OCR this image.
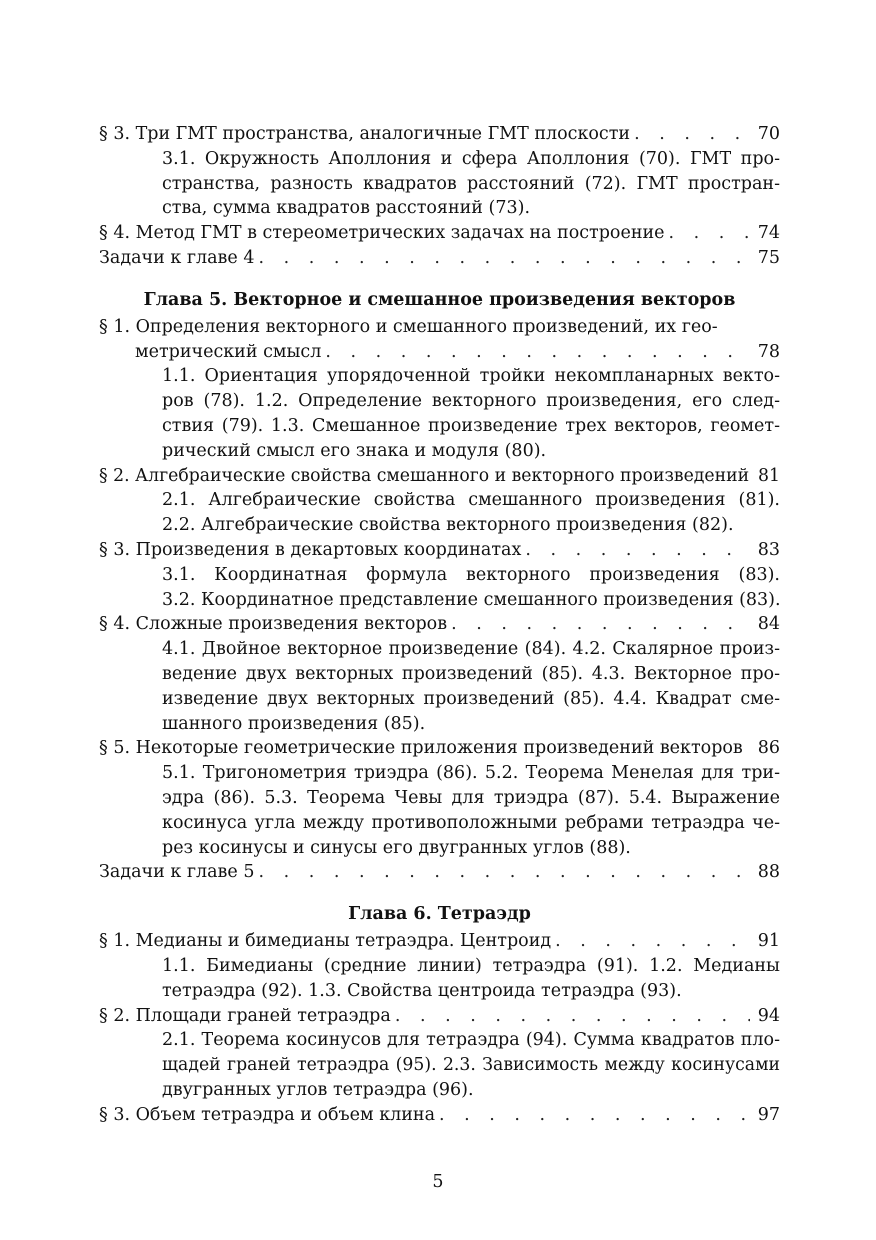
§ 3. Три ГМТ пространства, аналогичные ГМТ плоскости . . .	70
3.1. Окружность Аполлония и сфера Аполлония (70). ГМТ про-
странства, разность квадратов расстояний (72). ГМТ простран-
ства, сумма квадратов расстояний (73).
§ 4. Метод ГМТ в стереометрических задачах на построение . . .	74
Задачи к главе 4 . . .	75
Глава 5. Векторное и смешанное произведения векторов
§ 1. Определения векторного и смешанного произведений, их гео-
метрический смысл . . .	78
1.1. Ориентация упорядоченной тройки некомпланарных векто-
ров (78). 1.2. Определение векторного произведения, его след-
ствия (79). 1.3. Смешанное произведение трех векторов, геомет-
рический смысл его знака и модуля (80).
§ 2. Алгебраические свойства смешанного и векторного произведений 81
2.1. Алгебраические свойства смешанного произведения (81).
2.2. Алгебраические свойства векторного произведения (82).
§ 3. Произведения в декартовых координатах . . .	83
3.1. Координатная формула векторного произведения (83).
3.2. Координатное представление смешанного произведения (83).
§ 4. Сложные произведения векторов . . .	84
4.1. Двойное векторное произведение (84). 4.2. Скалярное произ-
ведение двух векторных произведений (85). 4.3. Векторное про-
изведение двух векторных произведений (85). 4.4. Квадрат сме-
шанного произведения (85).
§ 5. Некоторые геометрические приложения произведений векторов 86
5.1. Тригонометрия триэдра (86). 5.2. Теорема Менелая для три-
эдра (86). 5.3. Теорема Чевы для триэдра (87). 5.4. Выражение
косинуса угла между противоположными ребрами тетраэдра че-
рез косинусы и синусы его двугранных углов (88).
Задачи к главе 5 . . .	88
Глава 6. Тетраэдр
§ 1. Медианы и бимедианы тетраэдра. Центроид . . .	91
1.1. Бимедианы (средние линии) тетраэдра (91). 1.2. Медианы
тетраэдра (92). 1.3. Свойства центроида тетраэдра (93).
§ 2. Площади граней тетраэдра . . .	94
2.1. Теорема косинусов для тетраэдра (94). Сумма квадратов пло-
щадей граней тетраэдра (95). 2.3. Зависимость между косинусами
двугранных углов тетраэдра (96).
§ 3. Объем тетраэдра и объем клина . . .	97
5
